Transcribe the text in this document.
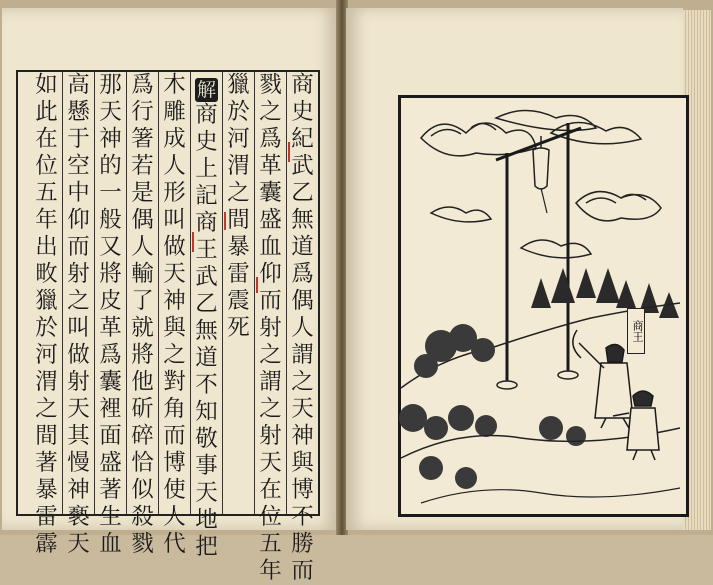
商
史
紀
武
乙
無
道
爲
偶
人
謂
之
天
神
與
博
不
勝
而
戮
之
爲
革
囊
盛
血
仰
而
射
之
謂
之
射
天
在
位
五
年
獵
於
河
渭
之
間
暴
雷
震
死
解
商
史
上
記
商
王
武
乙
無
道
不
知
敬
事
天
地
把
木
雕
成
人
形
叫
做
天
神
與
之
對
角
而
博
使
人
代
爲
行
箸
若
是
偶
人
輸
了
就
將
他
斫
碎
恰
似
殺
戮
那
天
神
的
一
般
又
將
皮
革
爲
囊
裡
面
盛
著
生
血
高
懸
于
空
中
仰
而
射
之
叫
做
射
天
其
慢
神
褻
天
如
此
在
位
五
年
出
畋
獵
於
河
渭
之
間
著
暴
雷
霹
商王
